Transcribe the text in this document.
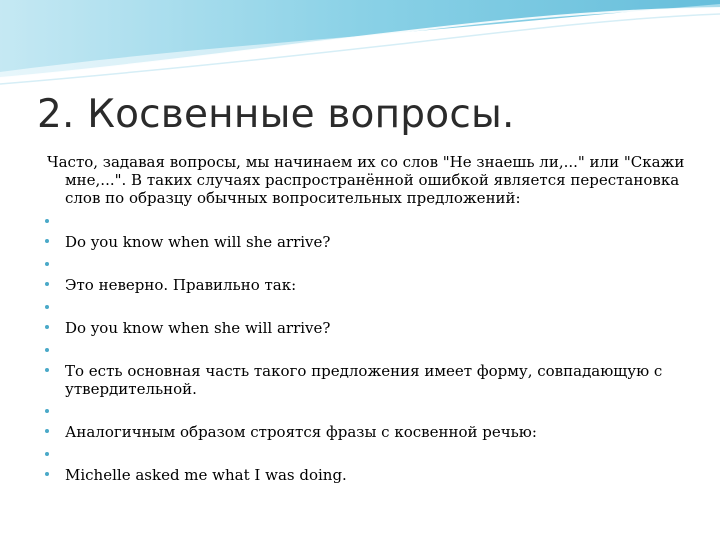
2. Косвенные вопросы.
Часто, задавая вопросы, мы начинаем их со слов "Не знаешь ли,..." или "Скажи мне,...". В таких случаях распространённой ошибкой является перестановка слов по образцу обычных вопросительных предложений:
Do you know when will she arrive?
Это неверно. Правильно так:
Do you know when she will arrive?
То есть основная часть такого предложения имеет форму, совпадающую с утвердительной.
Аналогичным образом строятся фразы с косвенной речью:
Michelle asked me what I was doing.
